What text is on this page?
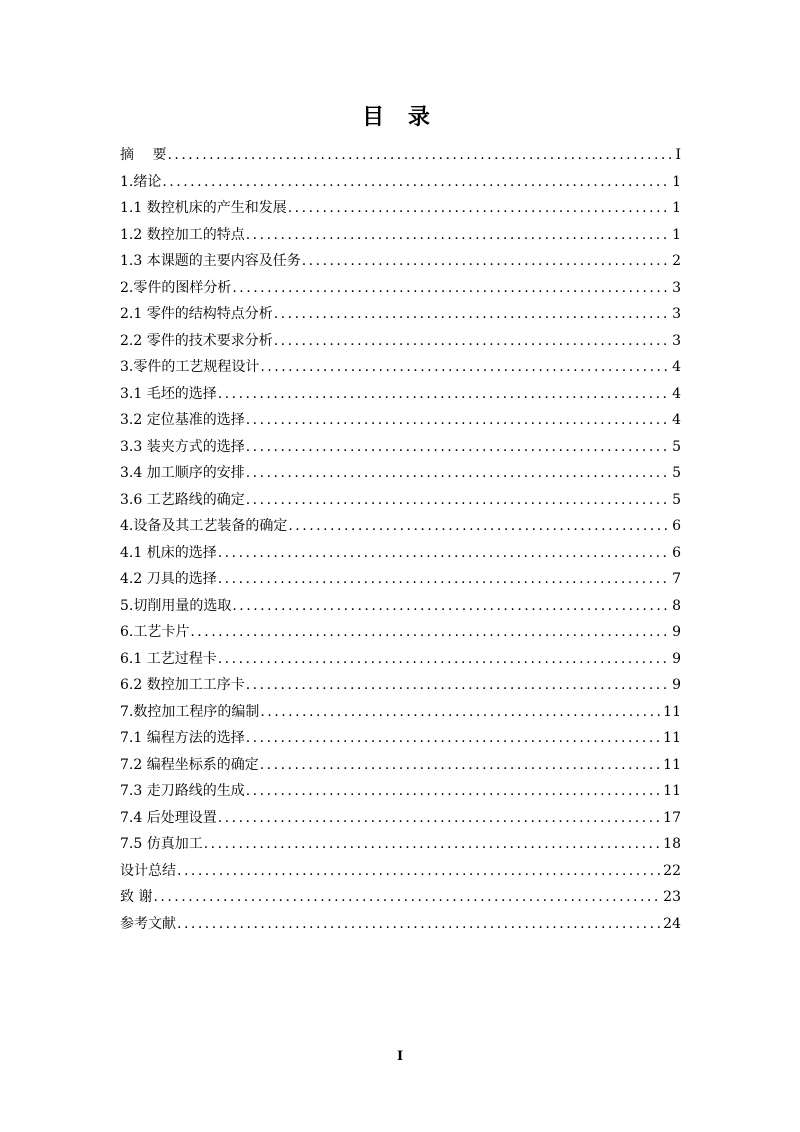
目 录
摘　 要 .....	I
1.绪论 .....	1
1.1 数控机床的产生和发展 .....	1
1.2 数控加工的特点 .....	1
1.3 本课题的主要内容及任务 .....	2
2.零件的图样分析 .....	3
2.1 零件的结构特点分析 .....	3
2.2 零件的技术要求分析 .....	3
3.零件的工艺规程设计 .....	4
3.1 毛坯的选择 .....	4
3.2 定位基准的选择 .....	4
3.3 装夹方式的选择 .....	5
3.4 加工顺序的安排 .....	5
3.6 工艺路线的确定 .....	5
4.设备及其工艺装备的确定 .....	6
4.1 机床的选择 .....	6
4.2 刀具的选择 .....	7
5.切削用量的选取 .....	8
6.工艺卡片 .....	9
6.1 工艺过程卡 .....	9
6.2 数控加工工序卡 .....	9
7.数控加工程序的编制 .....	11
7.1 编程方法的选择 .....	11
7.2 编程坐标系的确定 .....	11
7.3 走刀路线的生成 .....	11
7.4 后处理设置 .....	17
7.5 仿真加工 .....	18
设计总结 .....	22
致 谢 .....	23
参考文献 .....	24
I
